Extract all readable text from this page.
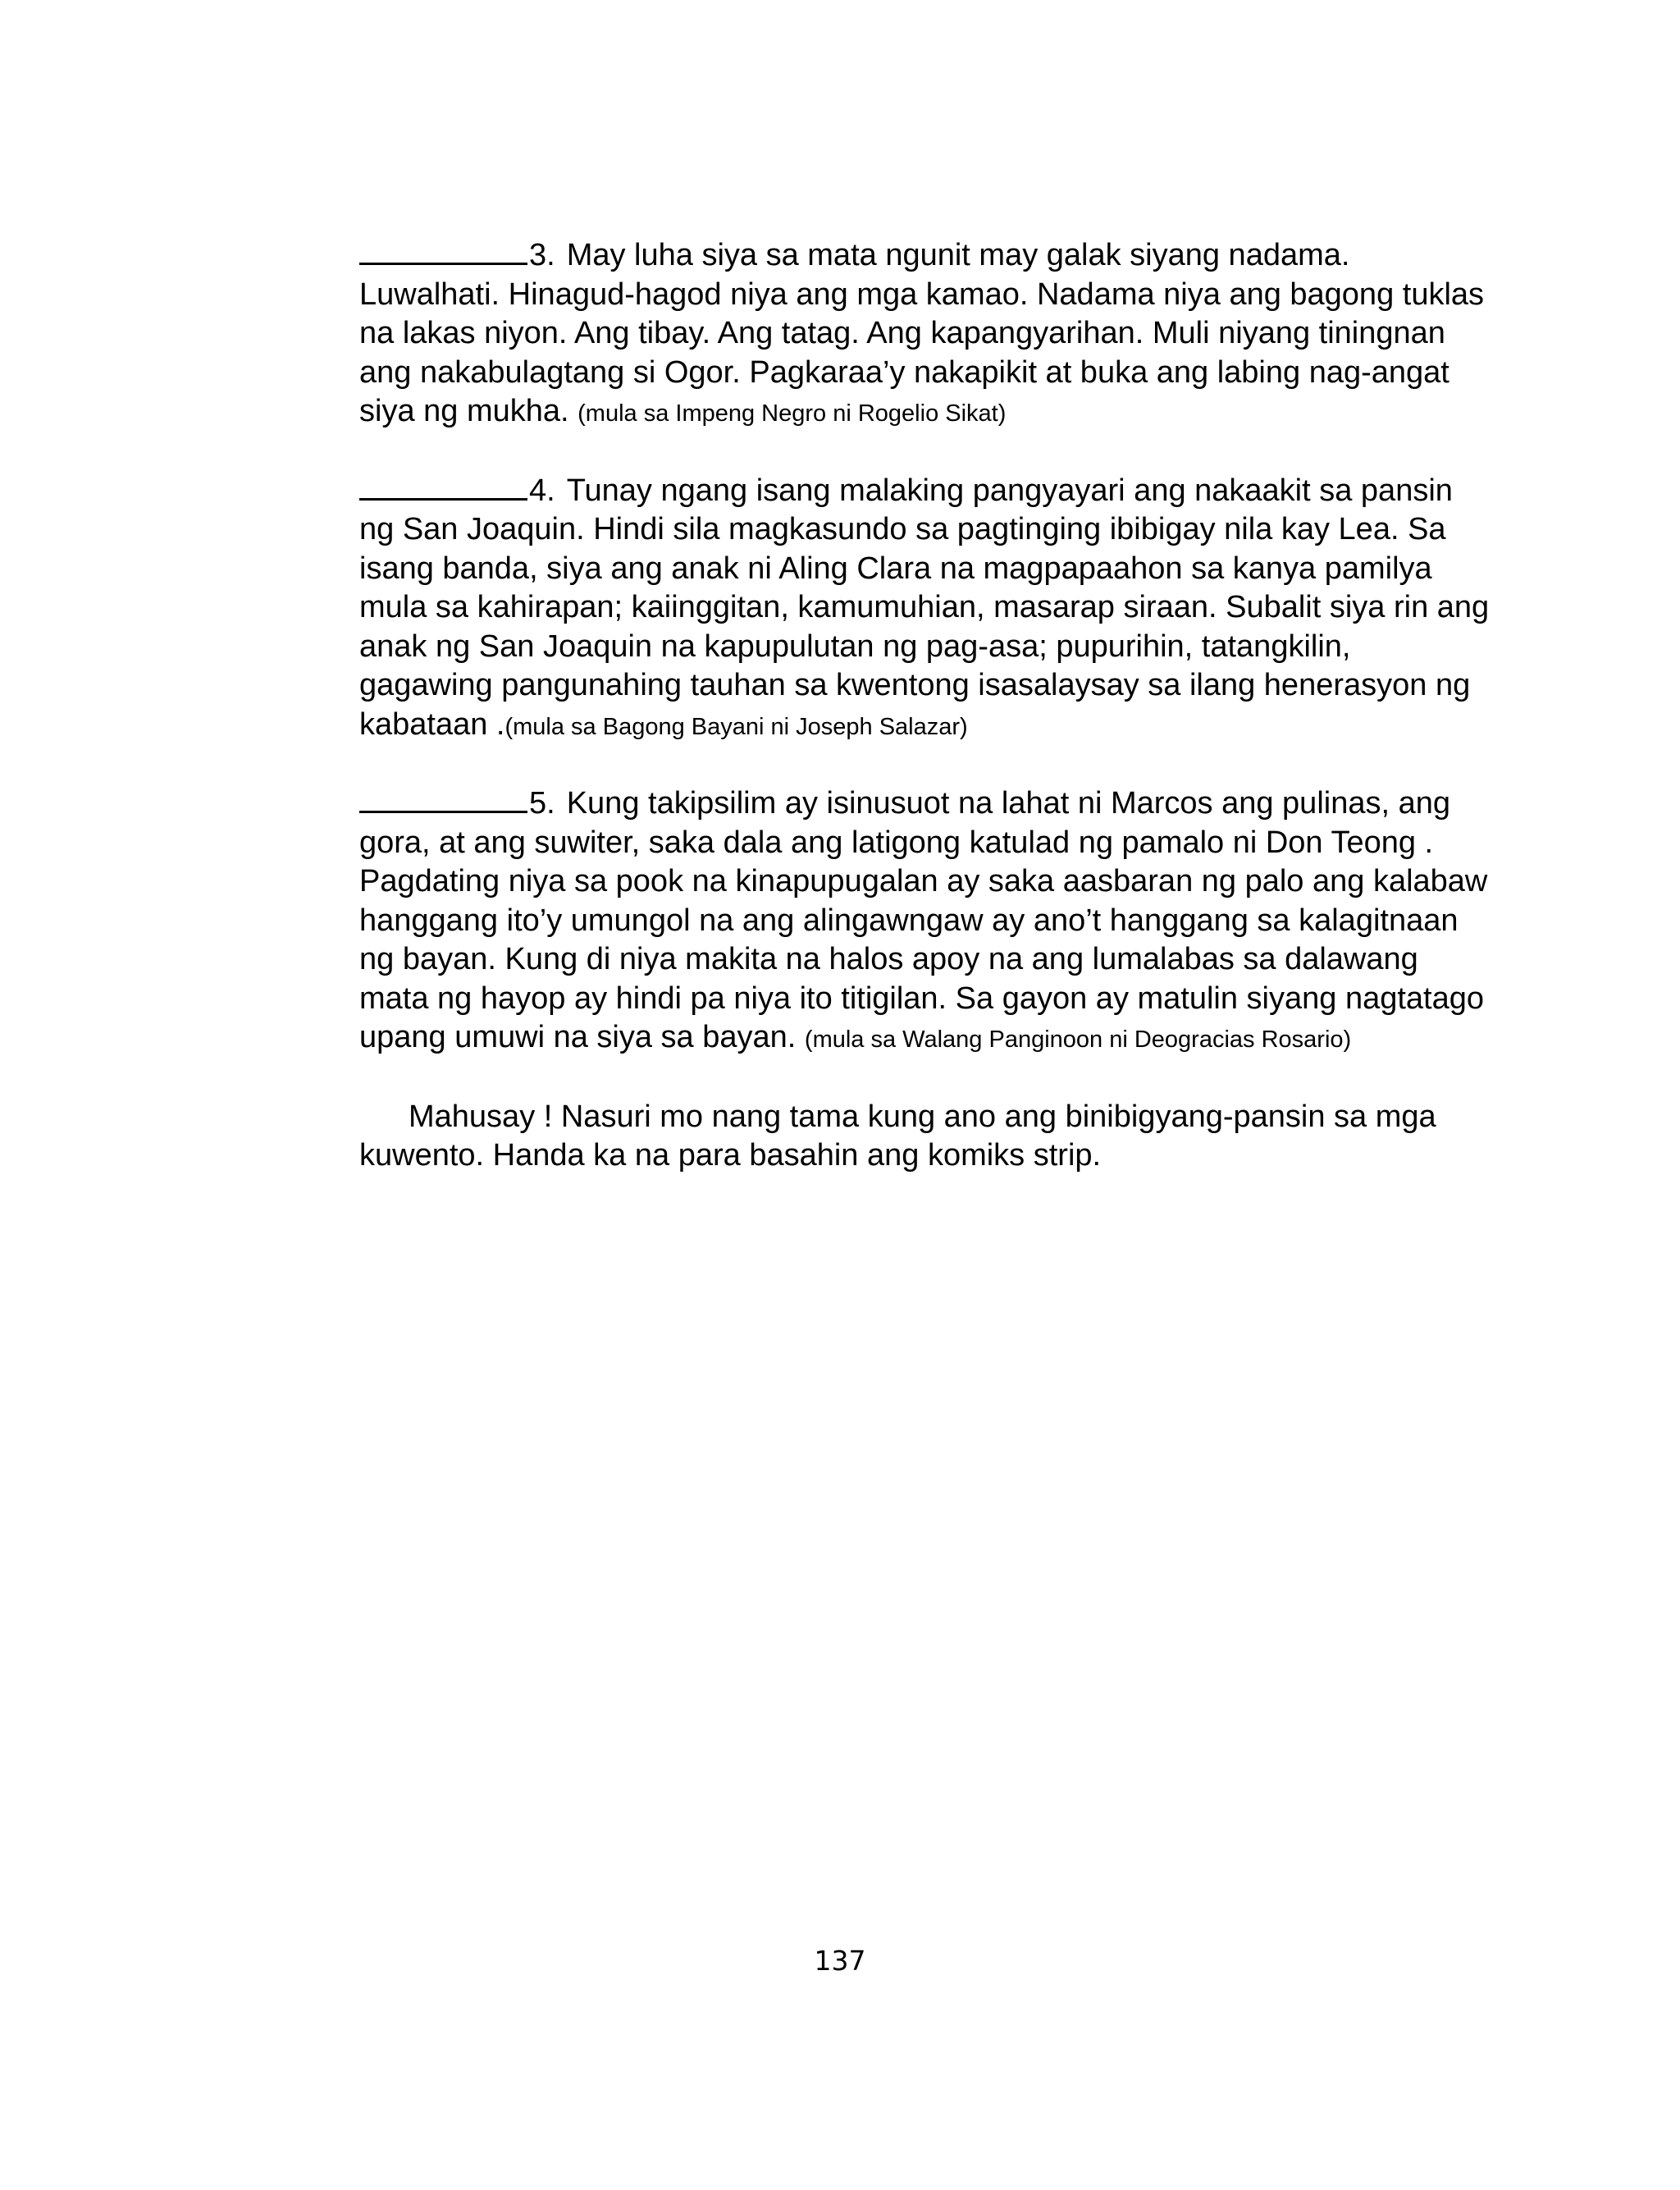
3. May luha siya sa mata ngunit may galak siyang nadama. Luwalhati. Hinagud-hagod niya ang mga kamao. Nadama niya ang bagong tuklas na lakas niyon. Ang tibay. Ang tatag. Ang kapangyarihan. Muli niyang tiningnan ang nakabulagtang si Ogor. Pagkaraa’y nakapikit at buka ang labing nag-angat siya ng mukha. (mula sa Impeng Negro ni Rogelio Sikat)

4. Tunay ngang isang malaking pangyayari ang nakaakit sa pansin ng San Joaquin. Hindi sila magkasundo sa pagtinging ibibigay nila kay Lea. Sa isang banda, siya ang anak ni Aling Clara na magpapaahon sa kanya pamilya mula sa kahirapan; kaiinggitan, kamumuhian, masarap siraan. Subalit siya rin ang anak ng San Joaquin na kapupulutan ng pag-asa; pupurihin, tatangkilin, gagawing pangunahing tauhan sa kwentong isasalaysay sa ilang henerasyon ng kabataan .(mula sa Bagong Bayani ni Joseph Salazar)

5. Kung takipsilim ay isinusuot na lahat ni Marcos ang pulinas, ang gora, at ang suwiter, saka dala ang latigong katulad ng pamalo ni Don Teong . Pagdating niya sa pook na kinapupugalan ay saka aasbaran ng palo ang kalabaw hanggang ito’y umungol na ang alingawngaw ay ano’t hanggang sa kalagitnaan ng bayan. Kung di niya makita na halos apoy na ang lumalabas sa dalawang mata ng hayop ay hindi pa niya ito titigilan. Sa gayon ay matulin siyang nagtatago upang umuwi na siya sa bayan. (mula sa Walang Panginoon ni Deogracias Rosario)

Mahusay ! Nasuri mo nang tama kung ano ang binibigyang-pansin sa mga kuwento. Handa ka na para basahin ang komiks strip.

137
